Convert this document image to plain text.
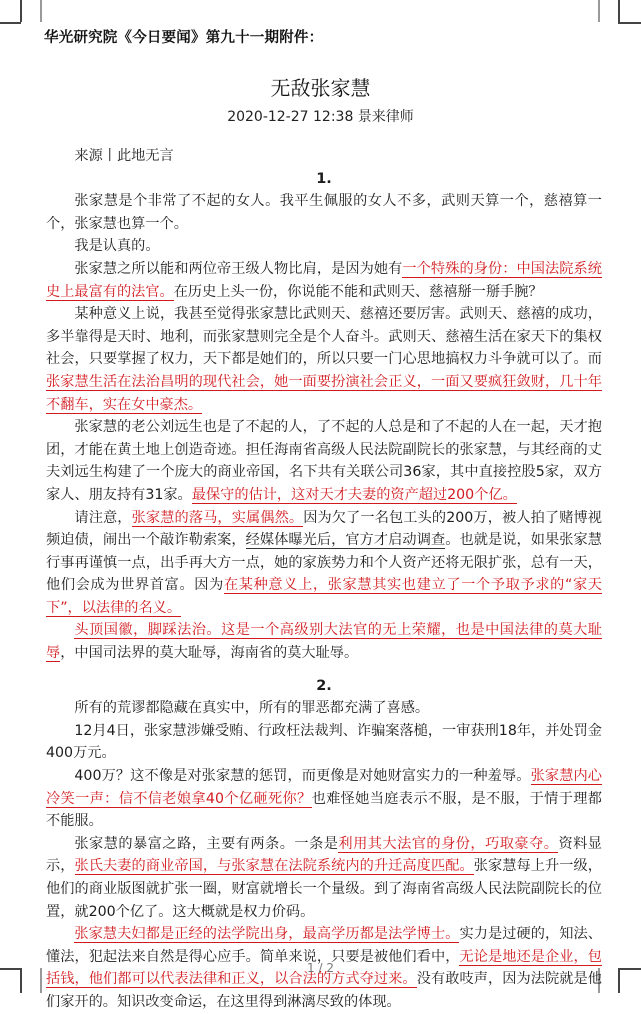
华光研究院《今日要闻》第九十一期附件：
无敌张家慧
2020-12-27 12:38 景来律师

来源丨此地无言

1.

张家慧是个非常了不起的女人。我平生佩服的女人不多，武则天算一个，慈禧算一个，张家慧也算一个。

我是认真的。

张家慧之所以能和两位帝王级人物比肩，是因为她有一个特殊的身份：中国法院系统史上最富有的法官。在历史上头一份，你说能不能和武则天、慈禧掰一掰手腕？

某种意义上说，我甚至觉得张家慧比武则天、慈禧还要厉害。武则天、慈禧的成功，多半靠得是天时、地利，而张家慧则完全是个人奋斗。武则天、慈禧生活在家天下的集权社会，只要掌握了权力，天下都是她们的，所以只要一门心思地搞权力斗争就可以了。而张家慧生活在法治昌明的现代社会，她一面要扮演社会正义，一面又要疯狂敛财，几十年不翻车，实在女中豪杰。

张家慧的老公刘远生也是了不起的人，了不起的人总是和了不起的人在一起，天才抱团，才能在黄土地上创造奇迹。担任海南省高级人民法院副院长的张家慧，与其经商的丈夫刘远生构建了一个庞大的商业帝国，名下共有关联公司36家，其中直接控股5家，双方家人、朋友持有31家。最保守的估计，这对天才夫妻的资产超过200个亿。

请注意，张家慧的落马，实属偶然。因为欠了一名包工头的200万，被人拍了赌博视频迫债，闹出一个敲诈勒索案，经媒体曝光后，官方才启动调查。也就是说，如果张家慧行事再谨慎一点，出手再大方一点，她的家族势力和个人资产还将无限扩张，总有一天，他们会成为世界首富。因为在某种意义上，张家慧其实也建立了一个予取予求的“家天下”，以法律的名义。

头顶国徽，脚踩法治。这是一个高级别大法官的无上荣耀，也是中国法律的莫大耻辱，中国司法界的莫大耻辱，海南省的莫大耻辱。

2.

所有的荒谬都隐藏在真实中，所有的罪恶都充满了喜感。

12月4日，张家慧涉嫌受贿、行政枉法裁判、诈骗案落槌，一审获刑18年，并处罚金400万元。

400万？这不像是对张家慧的惩罚，而更像是对她财富实力的一种羞辱。张家慧内心冷笑一声：信不信老娘拿40个亿砸死你？也难怪她当庭表示不服，是不服，于情于理都不能服。

张家慧的暴富之路，主要有两条。一条是利用其大法官的身份，巧取豪夺。资料显示，张氏夫妻的商业帝国，与张家慧在法院系统内的升迁高度匹配。张家慧每上升一级，他们的商业版图就扩张一圈，财富就增长一个量级。到了海南省高级人民法院副院长的位置，就200个亿了。这大概就是权力价码。

张家慧夫妇都是正经的法学院出身，最高学历都是法学博士。实力是过硬的，知法、懂法，犯起法来自然是得心应手。简单来说，只要是被他们看中，无论是地还是企业，包括钱，他们都可以代表法律和正义，以合法的方式夺过来。没有敢吱声，因为法院就是他们家开的。知识改变命运，在这里得到淋漓尽致的体现。

1 / 2
